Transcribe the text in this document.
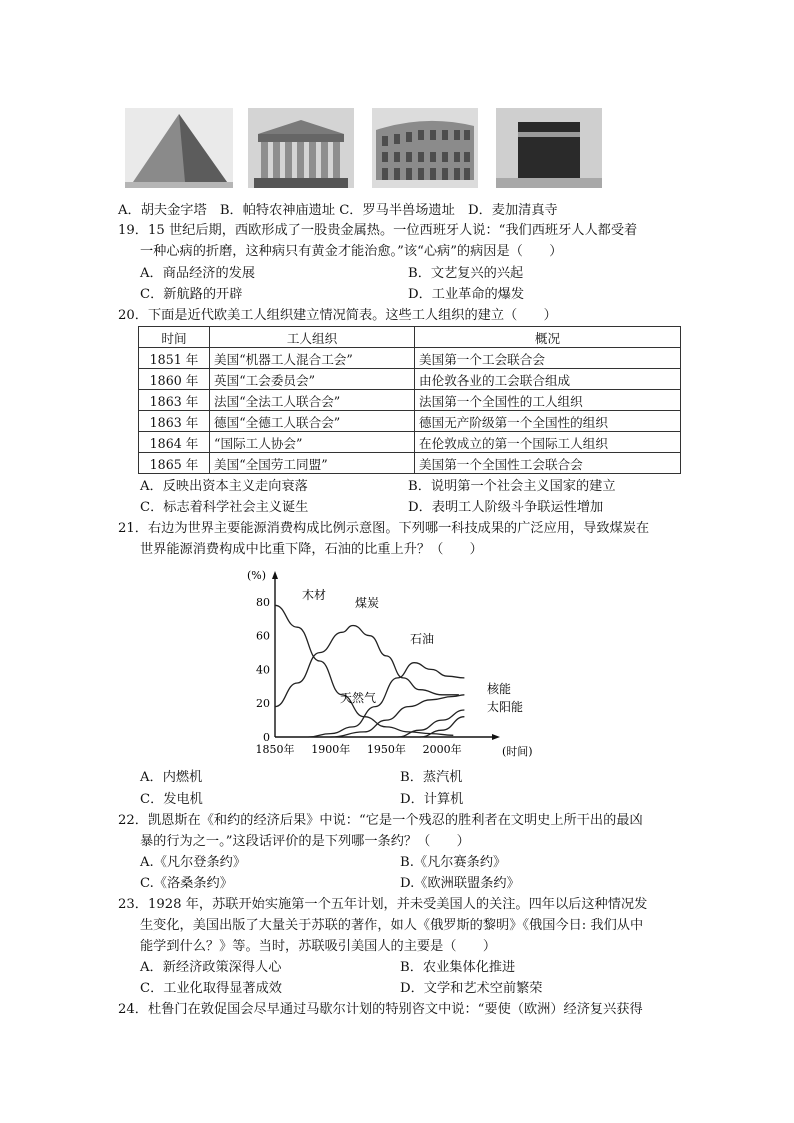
A．胡夫金字塔　B．帕特农神庙遗址 C．罗马半兽场遗址　D．麦加清真寺
19．15 世纪后期，西欧形成了一股贵金属热。一位西班牙人说：“我们西班牙人人都受着
一种心病的折磨，这种病只有黄金才能治愈。”该“心病”的病因是（　　）
A．商品经济的发展	B．文艺复兴的兴起
C．新航路的开辟	D．工业革命的爆发
20．下面是近代欧美工人组织建立情况简表。这些工人组织的建立（　　）
时间	工人组织	概况
1851 年	美国“机器工人混合工会”	美国第一个工会联合会
1860 年	英国“工会委员会”	由伦敦各业的工会联合组成
1863 年	法国“全法工人联合会”	法国第一个全国性的工人组织
1863 年	德国“全德工人联合会”	德国无产阶级第一个全国性的组织
1864 年	“国际工人协会”	在伦敦成立的第一个国际工人组织
1865 年	美国“全国劳工同盟”	美国第一个全国性工会联合会
A．反映出资本主义走向衰落	B．说明第一个社会主义国家的建立
C．标志着科学社会主义诞生	D．表明工人阶级斗争联运性增加
21．右边为世界主要能源消费构成比例示意图。下列哪一科技成果的广泛应用，导致煤炭在
世界能源消费构成中比重下降，石油的比重上升？（　　）
(%)
(时间)
0
20
40
60
80
1850年 1900年 1950年 2000年
木材
煤炭
石油
天然气
核能
太阳能
A．内燃机	B．蒸汽机
C．发电机	D．计算机
22．凯恩斯在《和约的经济后果》中说：“它是一个残忍的胜利者在文明史上所干出的最凶
暴的行为之一。”这段话评价的是下列哪一条约？（　　）
A.《凡尔登条约》	B.《凡尔赛条约》
C.《洛桑条约》	D.《欧洲联盟条约》
23．1928 年，苏联开始实施第一个五年计划，并未受美国人的关注。四年以后这种情况发
生变化，美国出版了大量关于苏联的著作，如人《俄罗斯的黎明》《俄国今日: 我们从中
能学到什么？》等。当时，苏联吸引美国人的主要是（　　）
A．新经济政策深得人心	B．农业集体化推进
C．工业化取得显著成效	D．文学和艺术空前繁荣
24．杜鲁门在敦促国会尽早通过马歇尔计划的特别咨文中说：“要使（欧洲）经济复兴获得
